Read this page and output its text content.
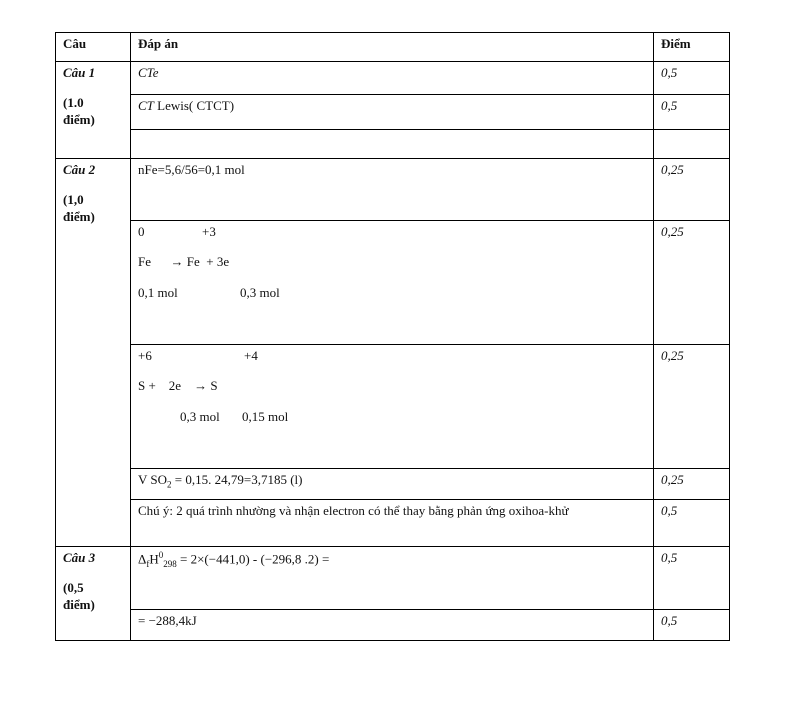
Câu	Đáp án	Điểm

Câu 1
(1.0
điểm)	CTe	0,5
	CT Lewis( CTCT)	0,5

Câu 2
(1,0
điểm)	nFe=5,6/56=0,1 mol	0,25

	0 +3
Fe      → Fe  + 3e
0,1 mol 0,3 mol	0,25

	+6 +4
S +    2e    → S
0,3 mol 0,15 mol	0,25
	V $SO_2 = 0,15$. 24,79=3,7185 (l)	0,25
	Chú ý: 2 quá trình nhường và nhận electron có thể thay bằng phản ứng oxihoa-khử	0,5

Câu 3
(0,5
điểm)	$\Delta_fH^0_{298} = 2\times(-441,0) - (-296,8$ .2) =	0,5
	= −288,4kJ	0,5
